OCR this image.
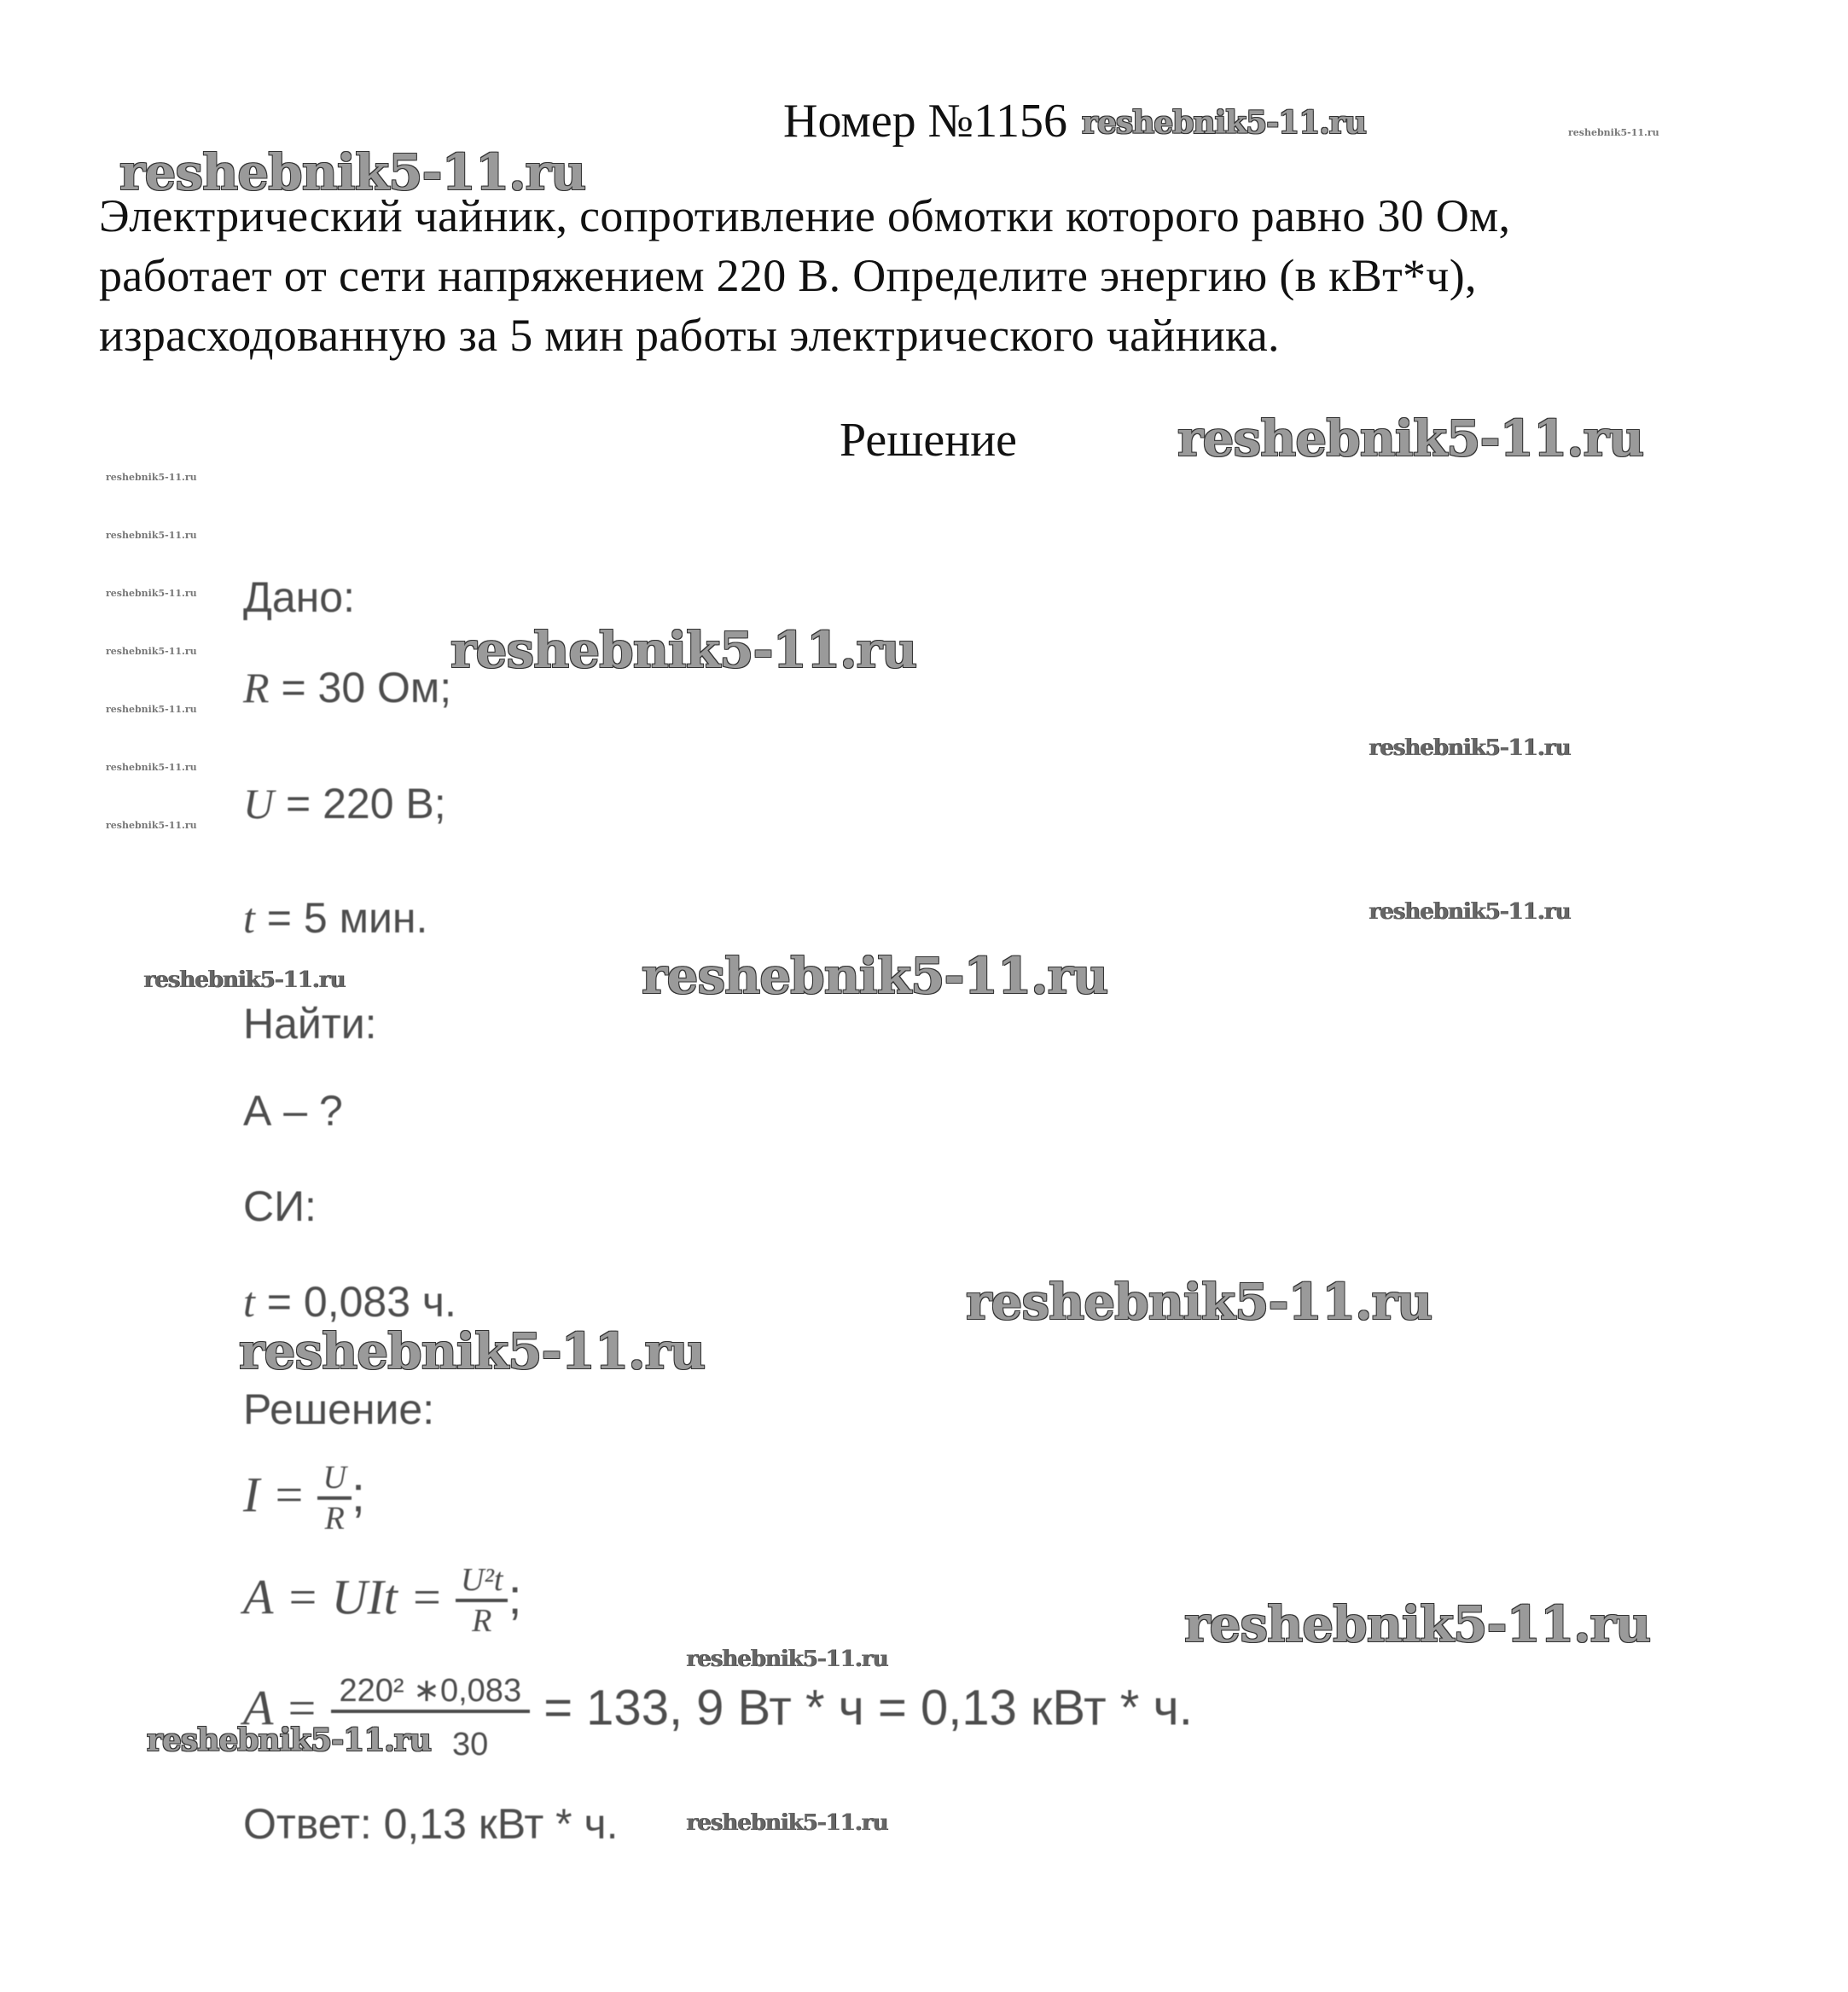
Номер №1156

Электрический чайник, сопротивление обмотки которого равно 30 Ом,

работает от сети напряжением 220 В. Определите энергию (в кВт*ч),

израсходованную за 5 мин работы электрического чайника.

Решение
Дано:
R = 30 Ом;
U = 220 В;
t = 5 мин.
Найти:
А – ?
СИ:
t = 0,083 ч.
Решение:
$I = \frac{U}{R}$ ;
А = UIt = $\frac{\text{U²t}}{R}$ ;
A = 220² ∗0,083 = 133, 9 Вт * ч = 0,13 кВт * ч.
30
Ответ: 0,13 кВт * ч.
reshebnik5-11.ru	reshebnik5-11.ru
reshebnik5-11.ru
reshebnik5-11.ru
reshebnik5-11.ru
reshebnik5-11.ru
reshebnik5-11.ru
reshebnik5-11.ru
reshebnik5-11.ru
reshebnik5-11.ru
reshebnik5-11.ru
reshebnik5-11.ru
reshebnik5-11.ru
reshebnik5-11.ru
reshebnik5-11.ru	reshebnik5-11.ru
reshebnik5-11.ru
reshebnik5-11.ru
reshebnik5-11.ru
reshebnik5-11.ru
reshebnik5-11.ru
reshebnik5-11.ru
